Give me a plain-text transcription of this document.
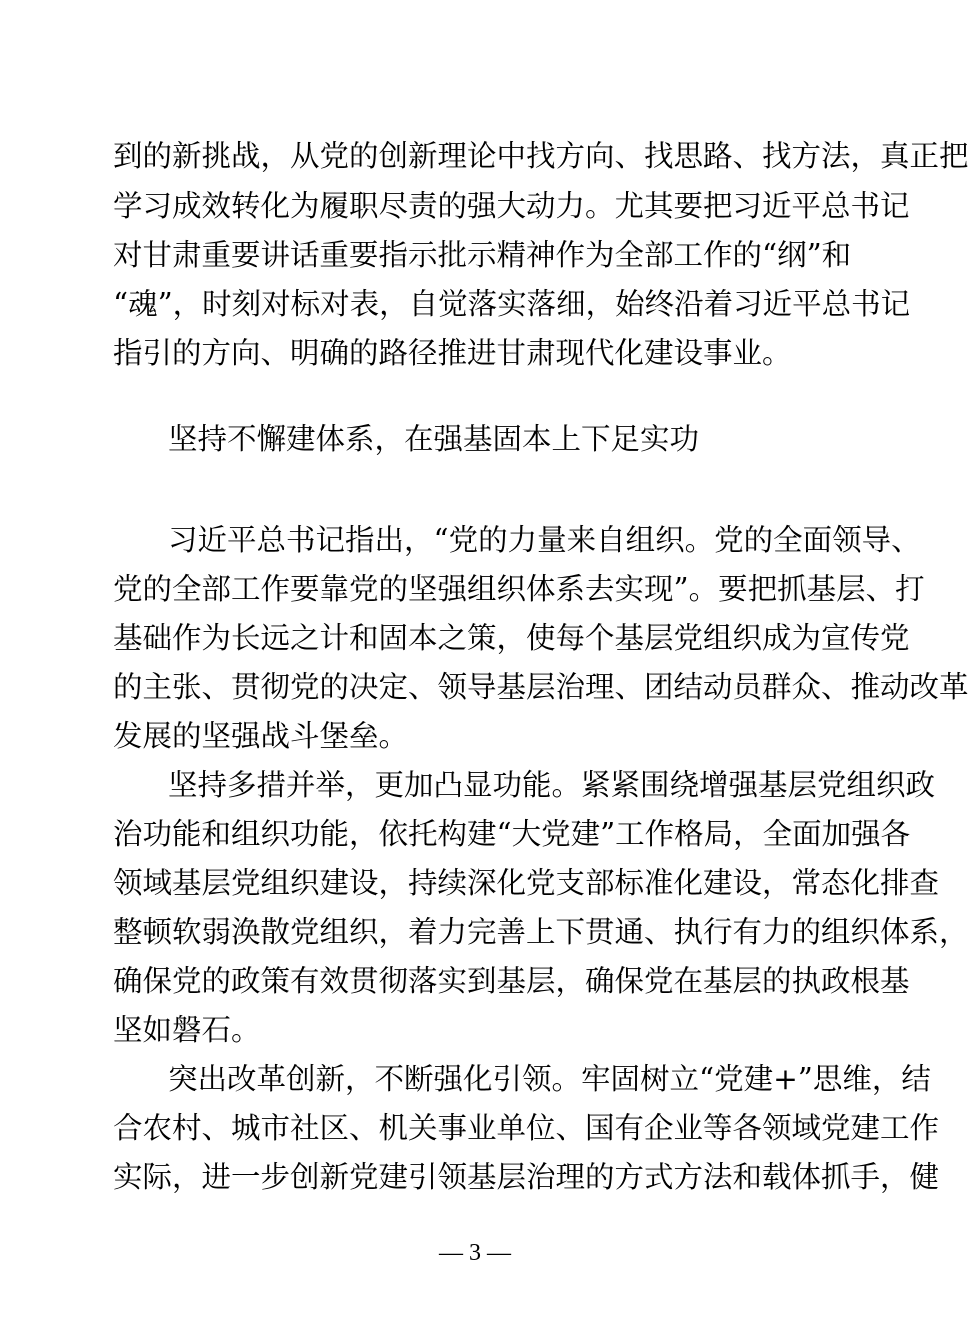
到的新挑战，从党的创新理论中找方向、找思路、找方法，真正把
学习成效转化为履职尽责的强大动力。尤其要把习近平总书记
对甘肃重要讲话重要指示批示精神作为全部工作的“纲”和
“魂”，时刻对标对表，自觉落实落细，始终沿着习近平总书记
指引的方向、明确的路径推进甘肃现代化建设事业。
坚持不懈建体系，在强基固本上下足实功
习近平总书记指出，“党的力量来自组织。党的全面领导、
党的全部工作要靠党的坚强组织体系去实现”。要把抓基层、打
基础作为长远之计和固本之策，使每个基层党组织成为宣传党
的主张、贯彻党的决定、领导基层治理、团结动员群众、推动改革
发展的坚强战斗堡垒。
坚持多措并举，更加凸显功能。紧紧围绕增强基层党组织政
治功能和组织功能，依托构建“大党建”工作格局，全面加强各
领域基层党组织建设，持续深化党支部标准化建设，常态化排查
整顿软弱涣散党组织，着力完善上下贯通、执行有力的组织体系，
确保党的政策有效贯彻落实到基层，确保党在基层的执政根基
坚如磐石。
突出改革创新，不断强化引领。牢固树立“党建+”思维，结
合农村、城市社区、机关事业单位、国有企业等各领域党建工作
实际，进一步创新党建引领基层治理的方式方法和载体抓手，健
— 3 —
